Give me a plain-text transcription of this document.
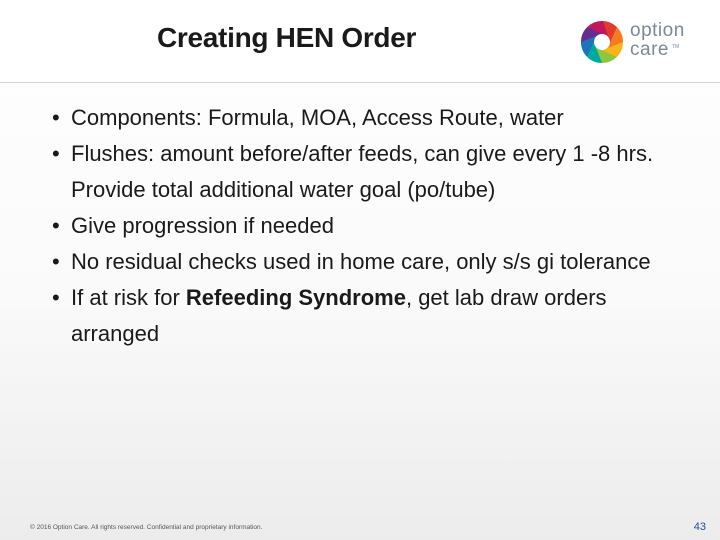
Creating HEN Order	option
care TM
• Components: Formula, MOA, Access Route, water
• Flushes: amount before/after feeds, can give every 1 -8 hrs. Provide total additional water goal (po/tube)
• Give progression if needed
• No residual checks used in home care, only s/s gi tolerance
• If at risk for Refeeding Syndrome, get lab draw orders arranged
© 2016 Option Care. All rights reserved. Confidential and proprietary information.	43
